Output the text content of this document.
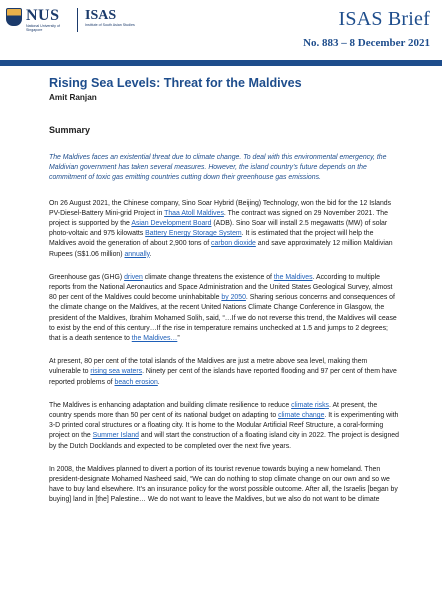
NUS
National University of Singapore
ISAS
Institute of South Asian Studies	ISAS Brief
No. 883 – 8 December 2021
Rising Sea Levels: Threat for the Maldives
Amit Ranjan
Summary

The Maldives faces an existential threat due to climate change. To deal with this environmental emergency, the Maldivian government has taken several measures. However, the island country’s future depends on the commitment of toxic gas emitting countries cutting down their greenhouse gas emissions.

On 26 August 2021, the Chinese company, Sino Soar Hybrid (Beijing) Technology, won the bid for the 12 Islands PV-Diesel-Battery Mini-grid Project in Thaa Atoll Maldives. The contract was signed on 29 November 2021. The project is supported by the Asian Development Board (ADB). Sino Soar will install 2.5 megawatts (MW) of solar photo-voltaic and 975 kilowatts Battery Energy Storage System. It is estimated that the project will help the Maldives avoid the generation of about 2,900 tons of carbon dioxide and save approximately 12 million Maldivian Rupees (S$1.06 million) annually.

Greenhouse gas (GHG) driven climate change threatens the existence of the Maldives. According to multiple reports from the National Aeronautics and Space Administration and the United States Geological Survey, almost 80 per cent of the Maldives could become uninhabitable by 2050. Sharing serious concerns and consequences of the climate change on the Maldives, at the recent United Nations Climate Change Conference in Glasgow, the president of the Maldives, Ibrahim Mohamed Solih, said, “…If we do not reverse this trend, the Maldives will cease to exist by the end of this century…If the rise in temperature remains unchecked at 1.5 and jumps to 2 degrees; that is a death sentence to the Maldives…”

At present, 80 per cent of the total islands of the Maldives are just a metre above sea level, making them vulnerable to rising sea waters. Ninety per cent of the islands have reported flooding and 97 per cent of them have reported problems of beach erosion.

The Maldives is enhancing adaptation and building climate resilience to reduce climate risks. At present, the country spends more than 50 per cent of its national budget on adapting to climate change. It is experimenting with 3-D printed coral structures or a floating city. It is home to the Modular Artificial Reef Structure, a coral-forming project on the Summer Island and will start the construction of a floating island city in 2022. The project is designed by the Dutch Docklands and expected to be completed over the next five years.

In 2008, the Maldives planned to divert a portion of its tourist revenue towards buying a new homeland. Then president-designate Mohamed Nasheed said, “We can do nothing to stop climate change on our own and so we have to buy land elsewhere. It’s an insurance policy for the worst possible outcome. After all, the Israelis [began by buying] land in [the] Palestine… We do not want to leave the Maldives, but we also do not want to be climate
